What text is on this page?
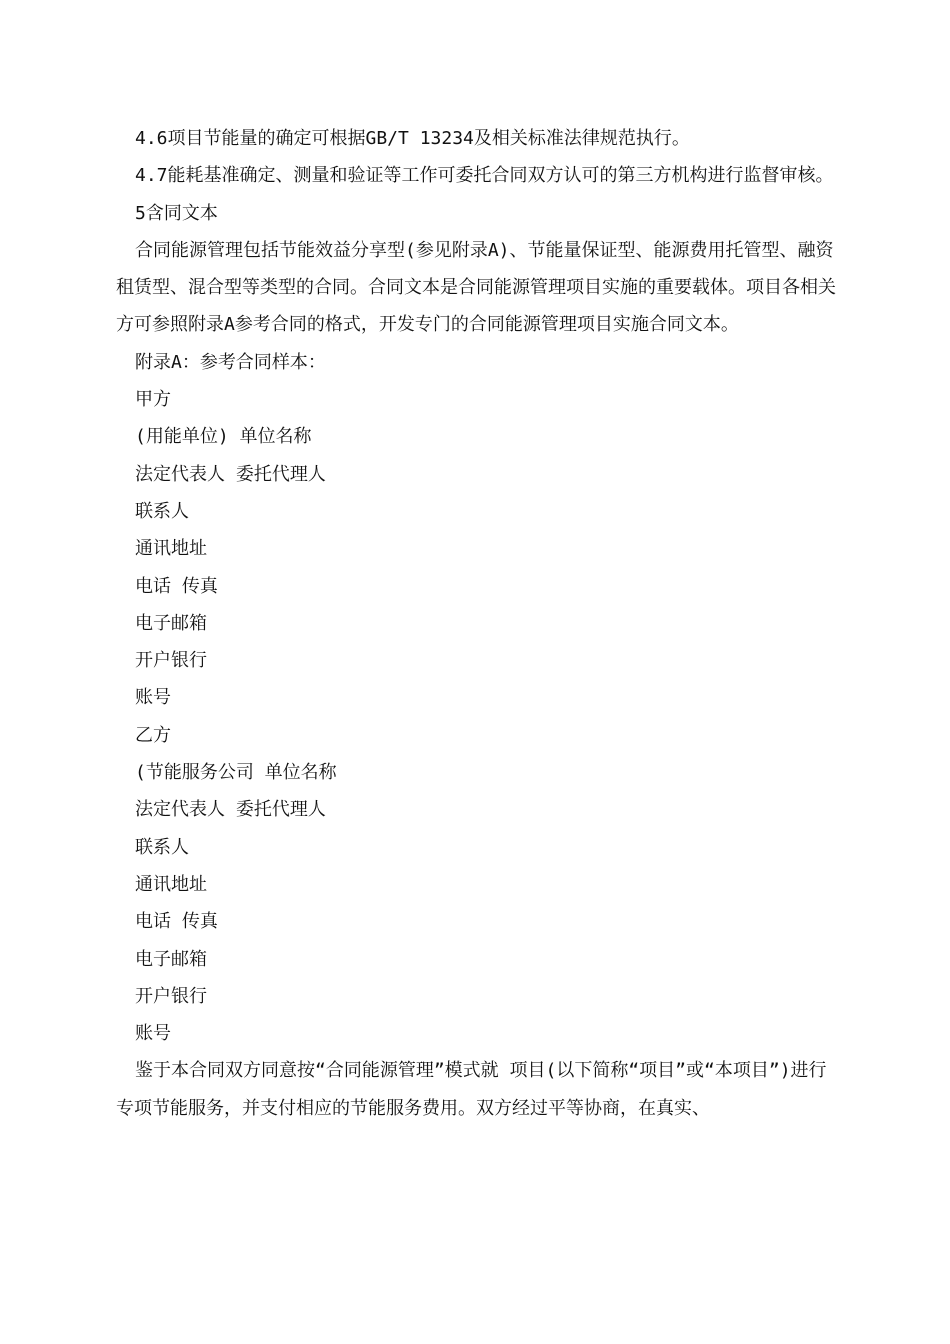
4.6项目节能量的确定可根据GB/T 13234及相关标准法律规范执行。

4.7能耗基准确定、测量和验证等工作可委托合同双方认可的第三方机构进行监督审核。

5含同文本

合同能源管理包括节能效益分享型(参见附录A)、节能量保证型、能源费用托管型、融资租赁型、混合型等类型的合同。合同文本是合同能源管理项目实施的重要载体。项目各相关方可参照附录A参考合同的格式，开发专门的合同能源管理项目实施合同文本。

附录A：参考合同样本：

甲方

(用能单位) 单位名称

法定代表人 委托代理人

联系人

通讯地址

电话 传真

电子邮箱

开户银行

账号

乙方

(节能服务公司 单位名称

法定代表人 委托代理人

联系人

通讯地址

电话 传真

电子邮箱

开户银行

账号

鉴于本合同双方同意按“合同能源管理”模式就 项目(以下简称“项目”或“本项目”)进行 专项节能服务，并支付相应的节能服务费用。双方经过平等协商，在真实、
